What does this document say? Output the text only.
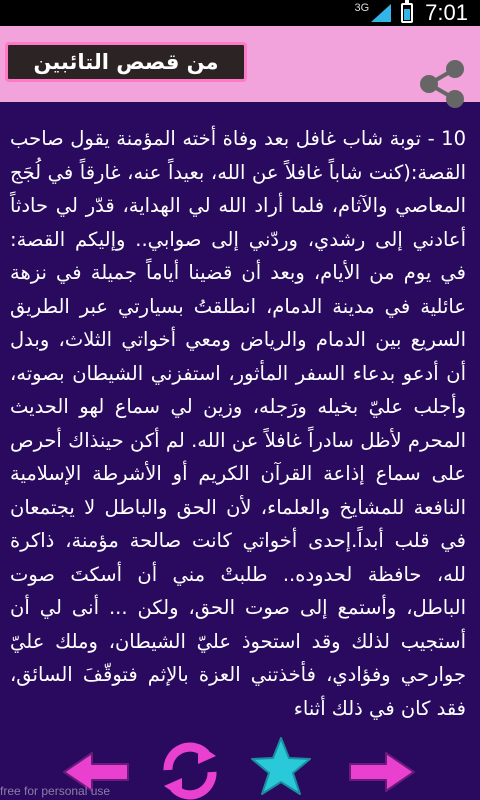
3G	7:01
من قصص التائبين

10 - توبة شاب غافل بعد وفاة أخته المؤمنة يقول صاحب القصة:(كنت شاباً غافلاً عن الله، بعيداً عنه، غارقاً في لُجَج المعاصي والآثام، فلما أراد الله لي الهداية، قدّر لي حادثاً أعادني إلى رشدي، وردّني إلى صوابي.. وإليكم القصة: في يوم من الأيام، وبعد أن قضينا أياماً جميلة في نزهة عائلية في مدينة الدمام، انطلقتُ بسيارتي عبر الطريق السريع بين الدمام والرياض ومعي أخواتي الثلاث، وبدل أن أدعو بدعاء السفر المأثور، استفزني الشيطان بصوته، وأجلب عليّ بخيله ورَجله، وزين لي سماع لهو الحديث المحرم لأظل سادراً غافلاً عن الله. لم أكن حينذاك أحرص على سماع إذاعة القرآن الكريم أو الأشرطة الإسلامية النافعة للمشايخ والعلماء، لأن الحق والباطل لا يجتمعان في قلب أبداً.إحدى أخواتي كانت صالحة مؤمنة، ذاكرة لله، حافظة لحدوده.. طلبتْ مني أن أسكتَ صوت الباطل، وأستمع إلى صوت الحق، ولكن ... أنى لي أن أستجيب لذلك وقد استحوذ عليّ الشيطان، وملك عليّ جوارحي وفؤادي، فأخذتني العزة بالإثم فتوقّفَ السائق، فقد كان في ذلك أثناء

free for personal use
